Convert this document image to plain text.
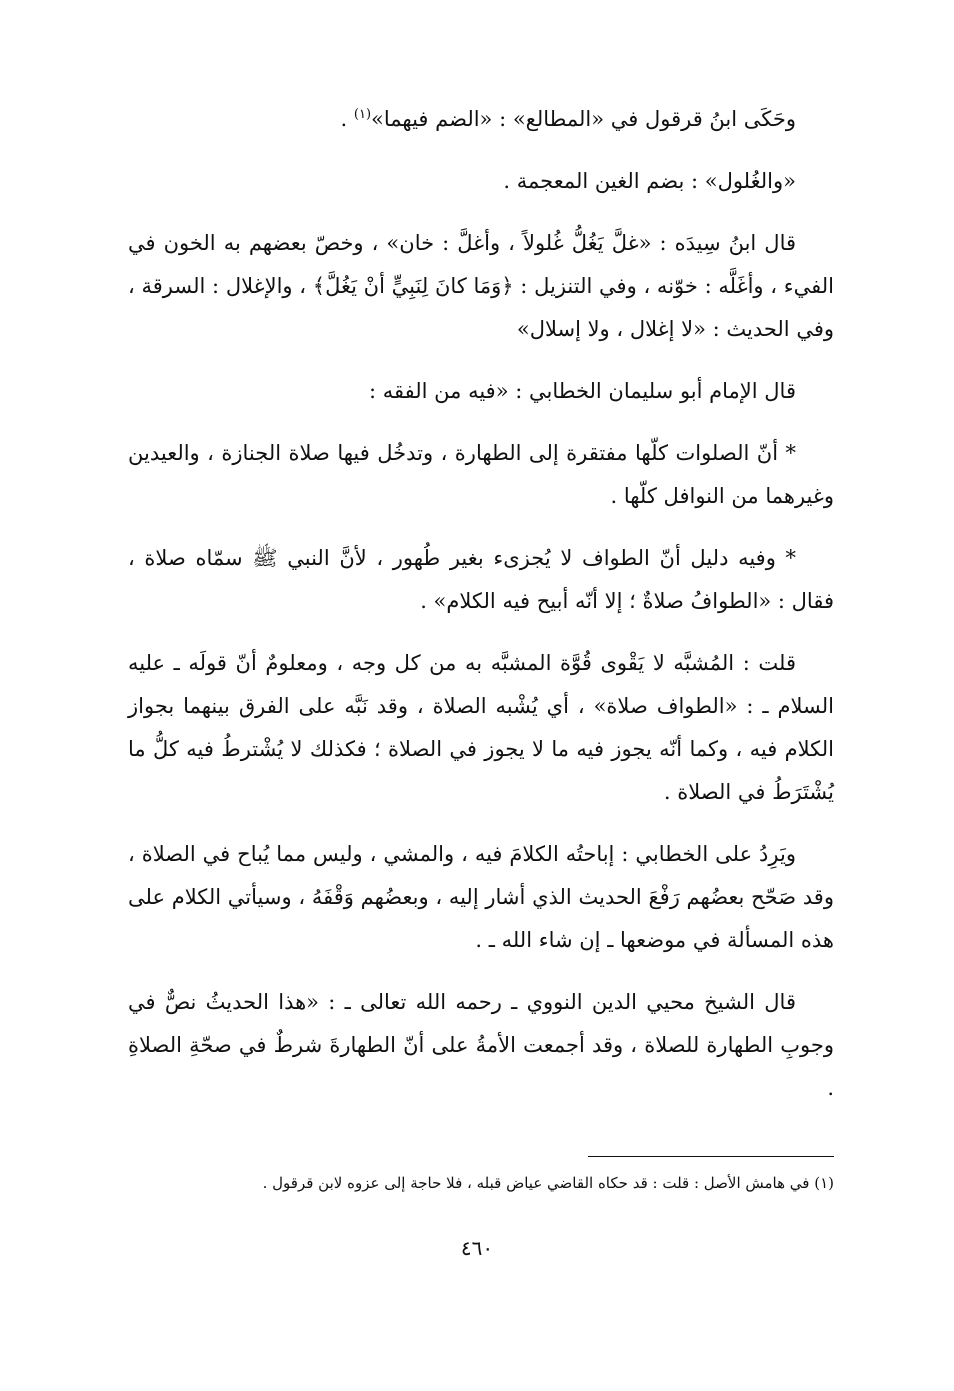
وحَكَى ابنُ قرقول في «المطالع» : «الضم فيهما»$^{(١)}$ .

«والغُلول» : بضم الغين المعجمة .

قال ابنُ سِيدَه : «غلَّ يَغُلُّ غُلولاً ، وأغلَّ : خان» ، وخصّ بعضهم به الخون في الفيء ، وأغَلَّه : خوّنه ، وفي التنزيل : ﴿وَمَا كانَ لِنَبِيٍّ أنْ يَغُلَّ﴾ ، والإغلال : السرقة ، وفي الحديث : «لا إغلال ، ولا إسلال»

قال الإمام أبو سليمان الخطابي : «فيه من الفقه :

* أنّ الصلوات كلّها مفتقرة إلى الطهارة ، وتدخُل فيها صلاة الجنازة ، والعيدين وغيرهما من النوافل كلّها .

* وفيه دليل أنّ الطواف لا يُجزىء بغير طُهور ، لأنَّ النبي ﷺ سمّاه صلاة ، فقال : «الطوافُ صلاةٌ ؛ إلا أنّه أبيح فيه الكلام» .

قلت : المُشبَّه لا يَقْوى قُوَّة المشبَّه به من كل وجه ، ومعلومٌ أنّ قولَه ـ عليه السلام ـ : «الطواف صلاة» ، أي يُشْبه الصلاة ، وقد نَبَّه على الفرق بينهما بجواز الكلام فيه ، وكما أنّه يجوز فيه ما لا يجوز في الصلاة ؛ فكذلك لا يُشْترطُ فيه كلُّ ما يُشْتَرَطُ في الصلاة .

ويَرِدُ على الخطابي : إباحتُه الكلامَ فيه ، والمشي ، وليس مما يُباح في الصلاة ، وقد صَحّح بعضُهم رَفْعَ الحديث الذي أشار إليه ، وبعضُهم وَقْفَهُ ، وسيأتي الكلام على هذه المسألة في موضعها ـ إن شاء الله ـ .

قال الشيخ محيي الدين النووي ـ رحمه الله تعالى ـ : «هذا الحديثُ نصٌّ في وجوبِ الطهارة للصلاة ، وقد أجمعت الأمةُ على أنّ الطهارةَ شرطٌ في صحّةِ الصلاةِ .

(١) في هامش الأصل : قلت : قد حكاه القاضي عياض قبله ، فلا حاجة إلى عزوه لابن قرقول .
٤٦٠
